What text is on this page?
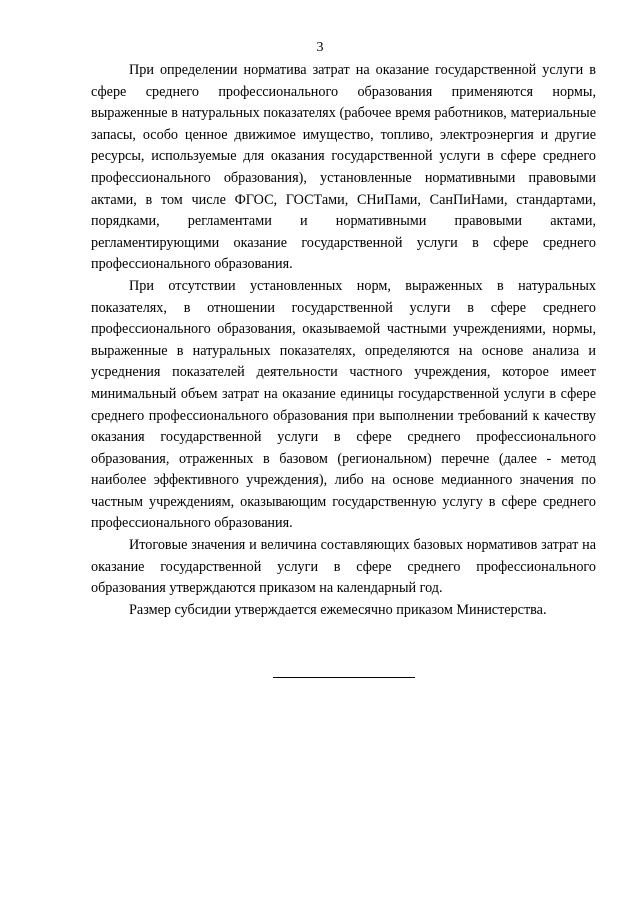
3

При определении норматива затрат на оказание государственной услуги в сфере среднего профессионального образования применяются нормы, выраженные в натуральных показателях (рабочее время работников, материальные запасы, особо ценное движимое имущество, топливо, электроэнергия и другие ресурсы, используемые для оказания государственной услуги в сфере среднего профессионального образования), установленные нормативными правовыми актами, в том числе ФГОС, ГОСТами, СНиПами, СанПиНами, стандартами, порядками, регламентами и нормативными правовыми актами, регламентирующими оказание государственной услуги в сфере среднего профессионального образования.

При отсутствии установленных норм, выраженных в натуральных показателях, в отношении государственной услуги в сфере среднего профессионального образования, оказываемой частными учреждениями, нормы, выраженные в натуральных показателях, определяются на основе анализа и усреднения показателей деятельности частного учреждения, которое имеет минимальный объем затрат на оказание единицы государственной услуги в сфере среднего профессионального образования при выполнении требований к качеству оказания государственной услуги в сфере среднего профессионального образования, отраженных в базовом (региональном) перечне (далее - метод наиболее эффективного учреждения), либо на основе медианного значения по частным учреждениям, оказывающим государственную услугу в сфере среднего профессионального образования.

Итоговые значения и величина составляющих базовых нормативов затрат на оказание государственной услуги в сфере среднего профессионального образования утверждаются приказом на календарный год.

Размер субсидии утверждается ежемесячно приказом Министерства.
